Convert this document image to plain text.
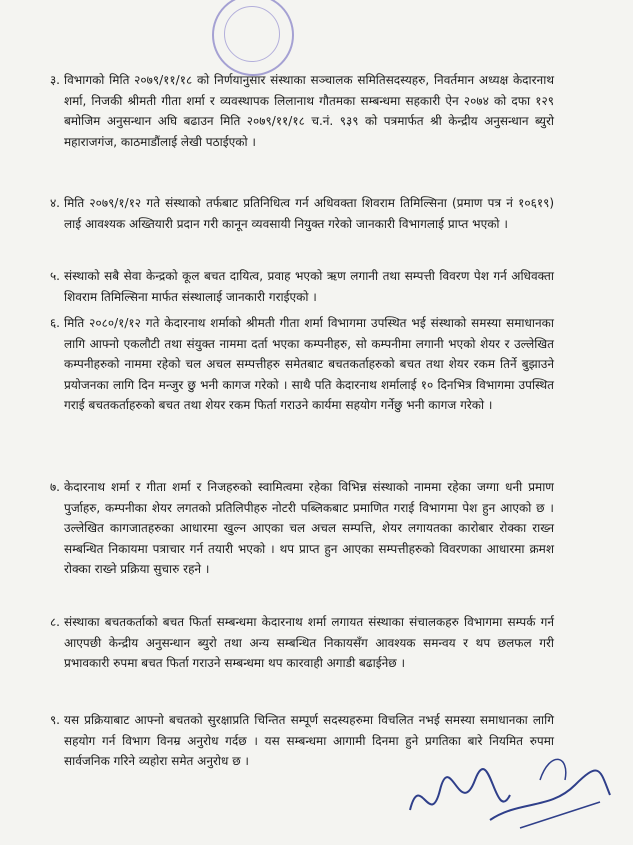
३. विभागको मिति २०७९/११/१८ को निर्णयानुसार संस्थाका सञ्चालक समितिसदस्यहरु, निवर्तमान अध्यक्ष केदारनाथ शर्मा, निजकी श्रीमती गीता शर्मा र व्यवस्थापक लिलानाथ गौतमका सम्बन्धमा सहकारी ऐन २०७४ को दफा १२९ बमोजिम अनुसन्धान अघि बढाउन मिति २०७९/११/१८ च.नं. ९३९ को पत्रमार्फत श्री केन्द्रीय अनुसन्धान ब्युरो महाराजगंज, काठमाडौंलाई लेखी पठाईएको ।
४. मिति २०७९/१/१२ गते संस्थाको तर्फबाट प्रतिनिधित्व गर्न अधिवक्ता शिवराम तिमिल्सिना (प्रमाण पत्र नं १०६१९) लाई आवश्यक अख्तियारी प्रदान गरी कानून व्यवसायी नियुक्त गरेको जानकारी विभागलाई प्राप्त भएको ।
५. संस्थाको सबै सेवा केन्द्रको कूल बचत दायित्व, प्रवाह भएको ऋण लगानी तथा सम्पत्ती विवरण पेश गर्न अधिवक्ता शिवराम तिमिल्सिना मार्फत संस्थालाई जानकारी गराईएको ।
६. मिति २०८०/१/१२ गते केदारनाथ शर्माको श्रीमती गीता शर्मा विभागमा उपस्थित भई संस्थाको समस्या समाधानका लागि आफ्नो एकलौटी तथा संयुक्त नाममा दर्ता भएका कम्पनीहरु, सो कम्पनीमा लगानी भएको शेयर र उल्लेखित कम्पनीहरुको नाममा रहेको चल अचल सम्पत्तीहरु समेतबाट बचतकर्ताहरुको बचत तथा शेयर रकम तिर्ने बुझाउने प्रयोजनका लागि दिन मन्जुर छु भनी कागज गरेको । साथै पति केदारनाथ शर्मालाई १० दिनभित्र विभागमा उपस्थित गराई बचतकर्ताहरुको बचत तथा शेयर रकम फिर्ता गराउने कार्यमा सहयोग गर्नेछु भनी कागज गरेको ।
७. केदारनाथ शर्मा र गीता शर्मा र निजहरुको स्वामित्वमा रहेका विभिन्न संस्थाको नाममा रहेका जग्गा धनी प्रमाण पुर्जाहरु, कम्पनीका शेयर लगतको प्रतिलिपीहरु नोटरी पब्लिकबाट प्रमाणित गराई विभागमा पेश हुन आएको छ । उल्लेखित कागजातहरुका आधारमा खुल्न आएका चल अचल सम्पत्ति, शेयर लगायतका कारोबार रोक्का राख्न सम्बन्धित निकायमा पत्राचार गर्न तयारी भएको । थप प्राप्त हुन आएका सम्पत्तीहरुको विवरणका आधारमा क्रमश रोक्का राख्ने प्रक्रिया सुचारु रहने ।
८. संस्थाका बचतकर्ताको बचत फिर्ता सम्बन्धमा केदारनाथ शर्मा लगायत संस्थाका संचालकहरु विभागमा सम्पर्क गर्न आएपछी केन्द्रीय अनुसन्धान ब्युरो तथा अन्य सम्बन्धित निकायसँग आवश्यक समन्वय र थप छलफल गरी प्रभावकारी रुपमा बचत फिर्ता गराउने सम्बन्धमा थप कारवाही अगाडी बढाईनेछ ।
९. यस प्रक्रियाबाट आफ्नो बचतको सुरक्षाप्रति चिन्तित सम्पूर्ण सदस्यहरुमा विचलित नभई समस्या समाधानका लागि सहयोग गर्न विभाग विनम्र अनुरोध गर्दछ । यस सम्बन्धमा आगामी दिनमा हुने प्रगतिका बारे नियमित रुपमा सार्वजनिक गरिने व्यहोरा समेत अनुरोध छ ।
